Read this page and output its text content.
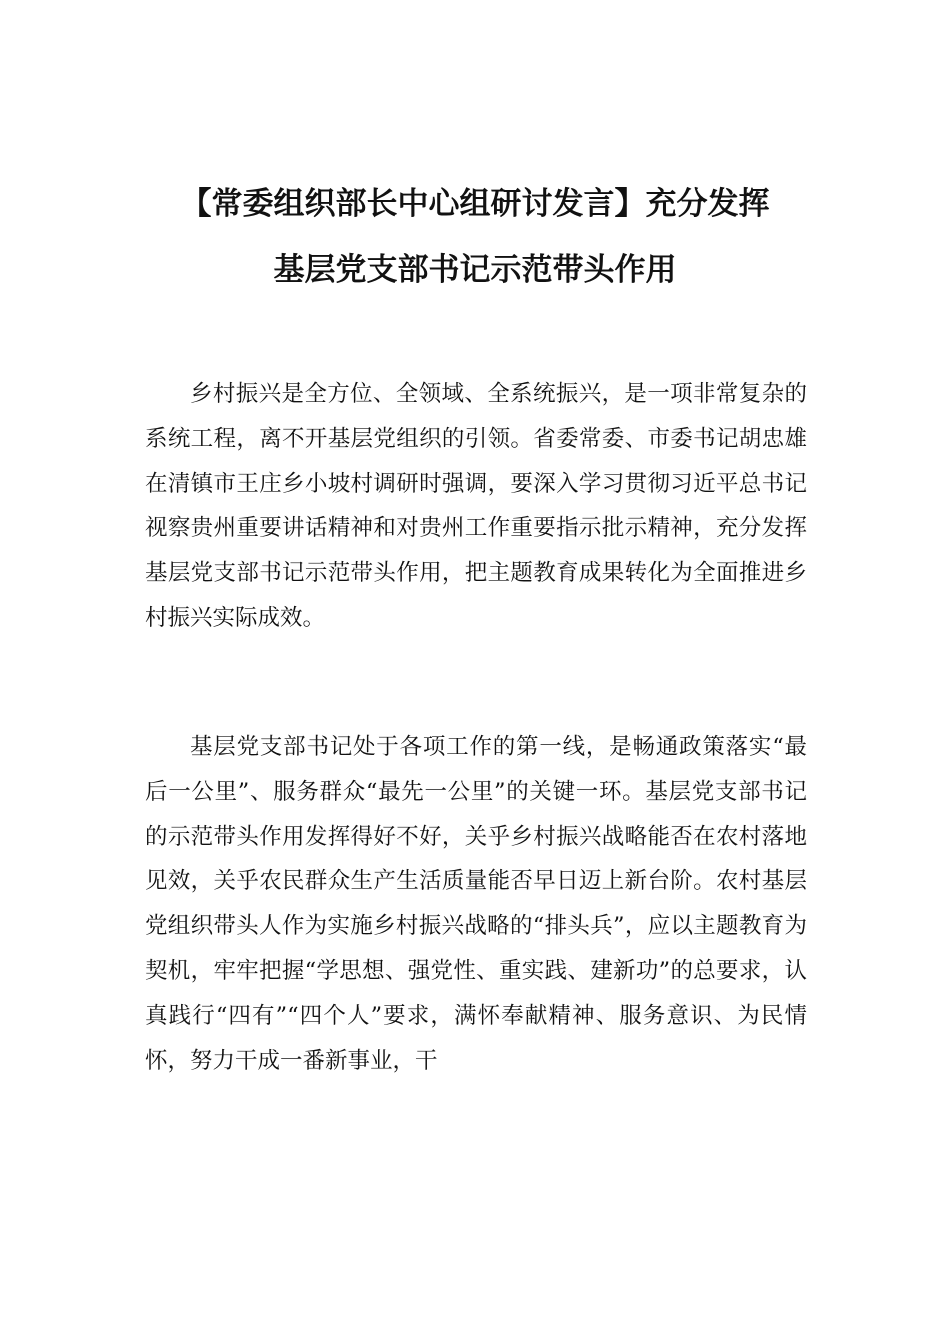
【常委组织部长中心组研讨发言】充分发挥
基层党支部书记示范带头作用

乡村振兴是全方位、全领域、全系统振兴，是一项非常复杂的系统工程，离不开基层党组织的引领。省委常委、市委书记胡忠雄在清镇市王庄乡小坡村调研时强调，要深入学习贯彻习近平总书记视察贵州重要讲话精神和对贵州工作重要指示批示精神，充分发挥基层党支部书记示范带头作用，把主题教育成果转化为全面推进乡村振兴实际成效。

基层党支部书记处于各项工作的第一线，是畅通政策落实“最后一公里”、服务群众“最先一公里”的关键一环。基层党支部书记的示范带头作用发挥得好不好，关乎乡村振兴战略能否在农村落地见效，关乎农民群众生产生活质量能否早日迈上新台阶。农村基层党组织带头人作为实施乡村振兴战略的“排头兵”，应以主题教育为契机，牢牢把握“学思想、强党性、重实践、建新功”的总要求，认真践行“四有”“四个人”要求，满怀奉献精神、服务意识、为民情怀，努力干成一番新事业，干
